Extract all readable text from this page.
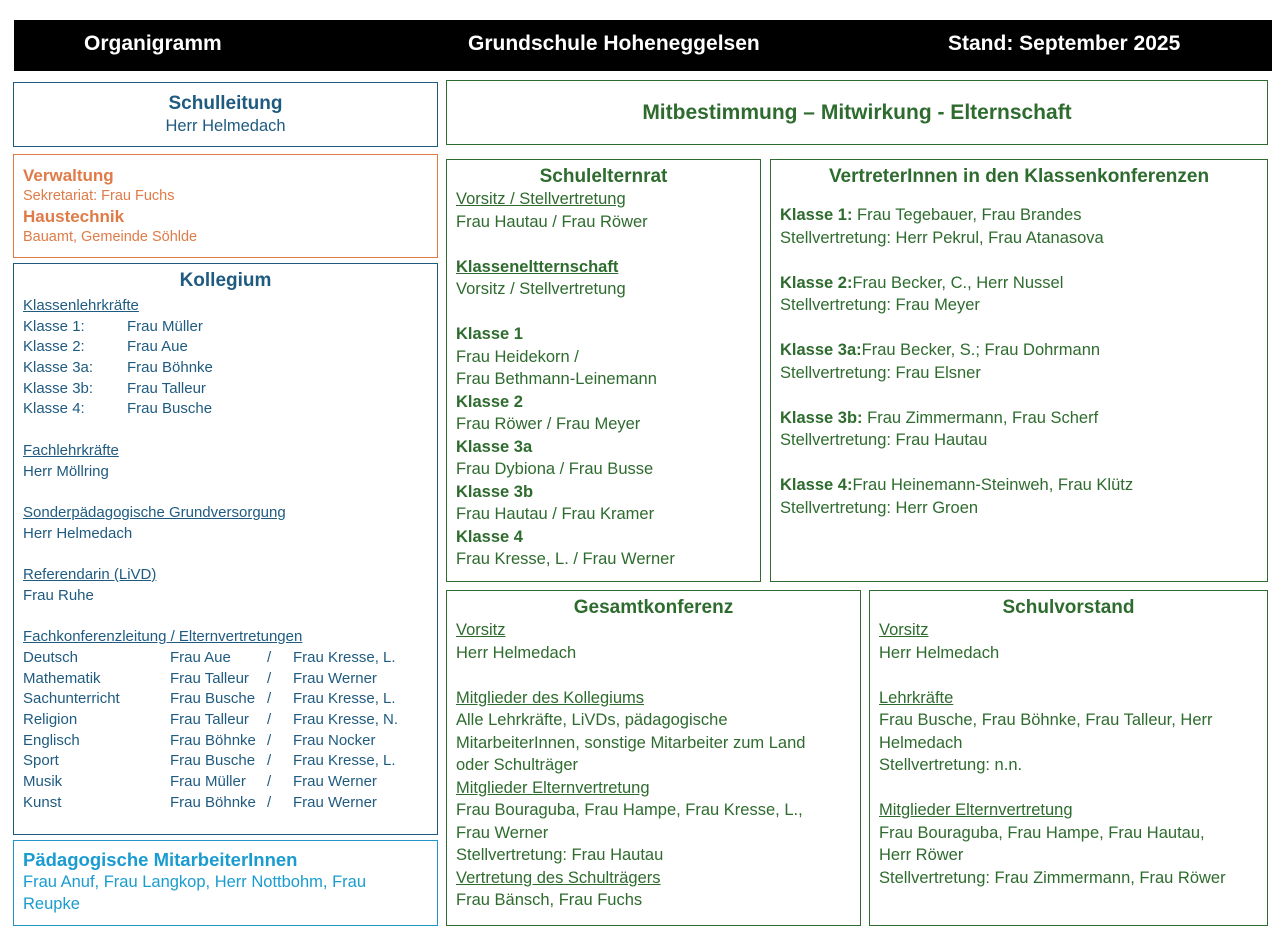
Organigramm	Grundschule Hoheneggelsen	Stand: September 2025
Schulleitung
Herr Helmedach
Verwaltung
Sekretariat: Frau Fuchs
Haustechnik
Bauamt, Gemeinde Söhlde
Kollegium
Klassenlehrkräfte
Klasse 1:	Frau Müller
Klasse 2:	Frau Aue
Klasse 3a: Frau Böhnke
Klasse 3b: Frau Talleur
Klasse 4:	Frau Busche
Fachlehrkräfte
Herr Möllring
Sonderpädagogische Grundversorgung
Herr Helmedach
Referendarin (LiVD)
Frau Ruhe
Fachkonferenzleitung / Elternvertretungen
Deutsch	Frau Aue / Frau Kresse, L.
Mathematik	Frau Talleur / Frau Werner
Sachunterricht	Frau Busche / Frau Kresse, L.
Religion	Frau Talleur / Frau Kresse, N.
Englisch	Frau Böhnke / Frau Nocker
Sport	Frau Busche / Frau Kresse, L.
Musik	Frau Müller / Frau Werner
Kunst	Frau Böhnke / Frau Werner
Pädagogische MitarbeiterInnen
Frau Anuf, Frau Langkop, Herr Nottbohm, Frau
Reupke
Mitbestimmung – Mitwirkung - Elternschaft
Schulelternrat
Vorsitz / Stellvertretung
Frau Hautau / Frau Röwer
Klasseneltternschaft
Vorsitz / Stellvertretung
Klasse 1
Frau Heidekorn /
Frau Bethmann-Leinemann
Klasse 2
Frau Röwer / Frau Meyer
Klasse 3a
Frau Dybiona / Frau Busse
Klasse 3b
Frau Hautau / Frau Kramer
Klasse 4
Frau Kresse, L. / Frau Werner
VertreterInnen in den Klassenkonferenzen
Klasse 1: Frau Tegebauer, Frau Brandes
Stellvertretung: Herr Pekrul, Frau Atanasova
Klasse 2:Frau Becker, C., Herr Nussel
Stellvertretung: Frau Meyer
Klasse 3a:Frau Becker, S.; Frau Dohrmann
Stellvertretung: Frau Elsner
Klasse 3b: Frau Zimmermann, Frau Scherf
Stellvertretung: Frau Hautau
Klasse 4:Frau Heinemann-Steinweh, Frau Klütz
Stellvertretung: Herr Groen
Gesamtkonferenz
Vorsitz
Herr Helmedach
Mitglieder des Kollegiums
Alle Lehrkräfte, LiVDs, pädagogische
MitarbeiterInnen, sonstige Mitarbeiter zum Land
oder Schulträger
Mitglieder Elternvertretung
Frau Bouraguba, Frau Hampe, Frau Kresse, L.,
Frau Werner
Stellvertretung: Frau Hautau
Vertretung des Schulträgers
Frau Bänsch, Frau Fuchs
Schulvorstand
Vorsitz
Herr Helmedach
Lehrkräfte
Frau Busche, Frau Böhnke, Frau Talleur, Herr
Helmedach
Stellvertretung: n.n.
Mitglieder Elternvertretung
Frau Bouraguba, Frau Hampe, Frau Hautau,
Herr Röwer
Stellvertretung: Frau Zimmermann, Frau Röwer
